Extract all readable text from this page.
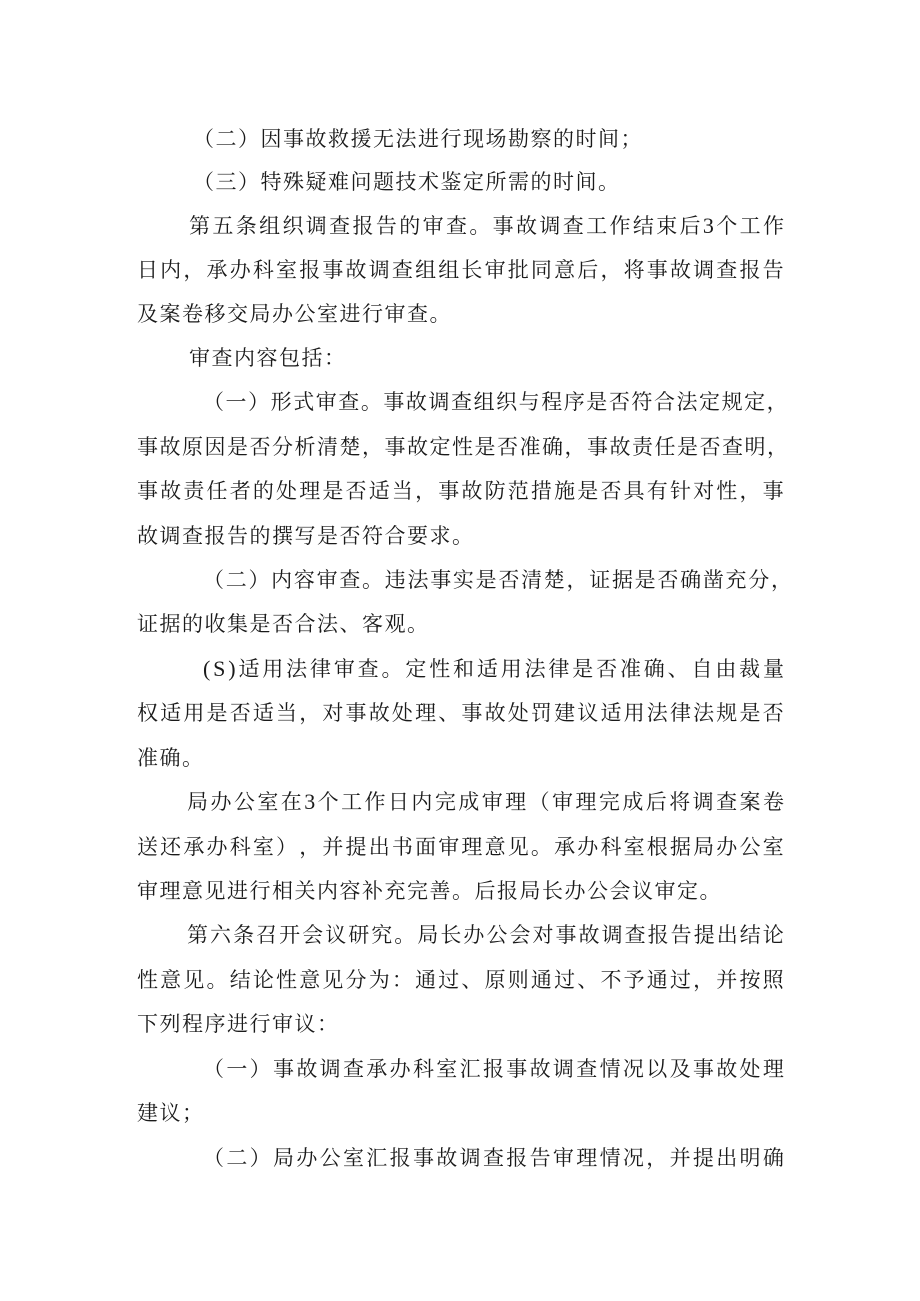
（二）因事故救援无法进行现场勘察的时间；
（三）特殊疑难问题技术鉴定所需的时间。
第 五 条 组 织 调 查 报 告 的 审 查 。 事 故 调 查 工 作 结 束 后 3 个 工 作
日 内 ， 承 办 科 室 报 事 故 调 查 组 组 长 审 批 同 意 后 ， 将 事 故 调 查 报 告
及案卷移交局办公室进行审查。
审查内容包括：
（ 一 ） 形 式 审 查 。 事 故 调 查 组 织 与 程 序 是 否 符 合 法 定 规 定 ，
事 故 原 因 是 否 分 析 清 楚 ， 事 故 定 性 是 否 准 确 ， 事 故 责 任 是 否 查 明 ，
事 故 责 任 者 的 处 理 是 否 适 当 ， 事 故 防 范 措 施 是 否 具 有 针 对 性 ， 事
故调查报告的撰写是否符合要求。
（ 二 ） 内 容 审 查 。 违 法 事 实 是 否 清 楚 ， 证 据 是 否 确 凿 充 分 ，
证据的收集是否合法、客观。
( S ) 适 用 法 律 审 查 。 定 性 和 适 用 法 律 是 否 准 确 、 自 由 裁 量
权 适 用 是 否 适 当 ， 对 事 故 处 理 、 事 故 处 罚 建 议 适 用 法 律 法 规 是 否
准确。
局 办 公 室 在 3 个 工 作 日 内 完 成 审 理 （ 审 理 完 成 后 将 调 查 案 卷
送 还 承 办 科 室 ） ， 并 提 出 书 面 审 理 意 见 。 承 办 科 室 根 据 局 办 公 室
审理意见进行相关内容补充完善。后报局长办公会议审定。
第 六 条 召 开 会 议 研 究 。 局 长 办 公 会 对 事 故 调 查 报 告 提 出 结 论
性 意 见 。 结 论 性 意 见 分 为 ： 通 过 、 原 则 通 过 、 不 予 通 过 ， 并 按 照
下列程序进行审议：
（ 一 ） 事 故 调 查 承 办 科 室 汇 报 事 故 调 查 情 况 以 及 事 故 处 理
建议；
（ 二 ） 局 办 公 室 汇 报 事 故 调 查 报 告 审 理 情 况 ， 并 提 出 明 确
